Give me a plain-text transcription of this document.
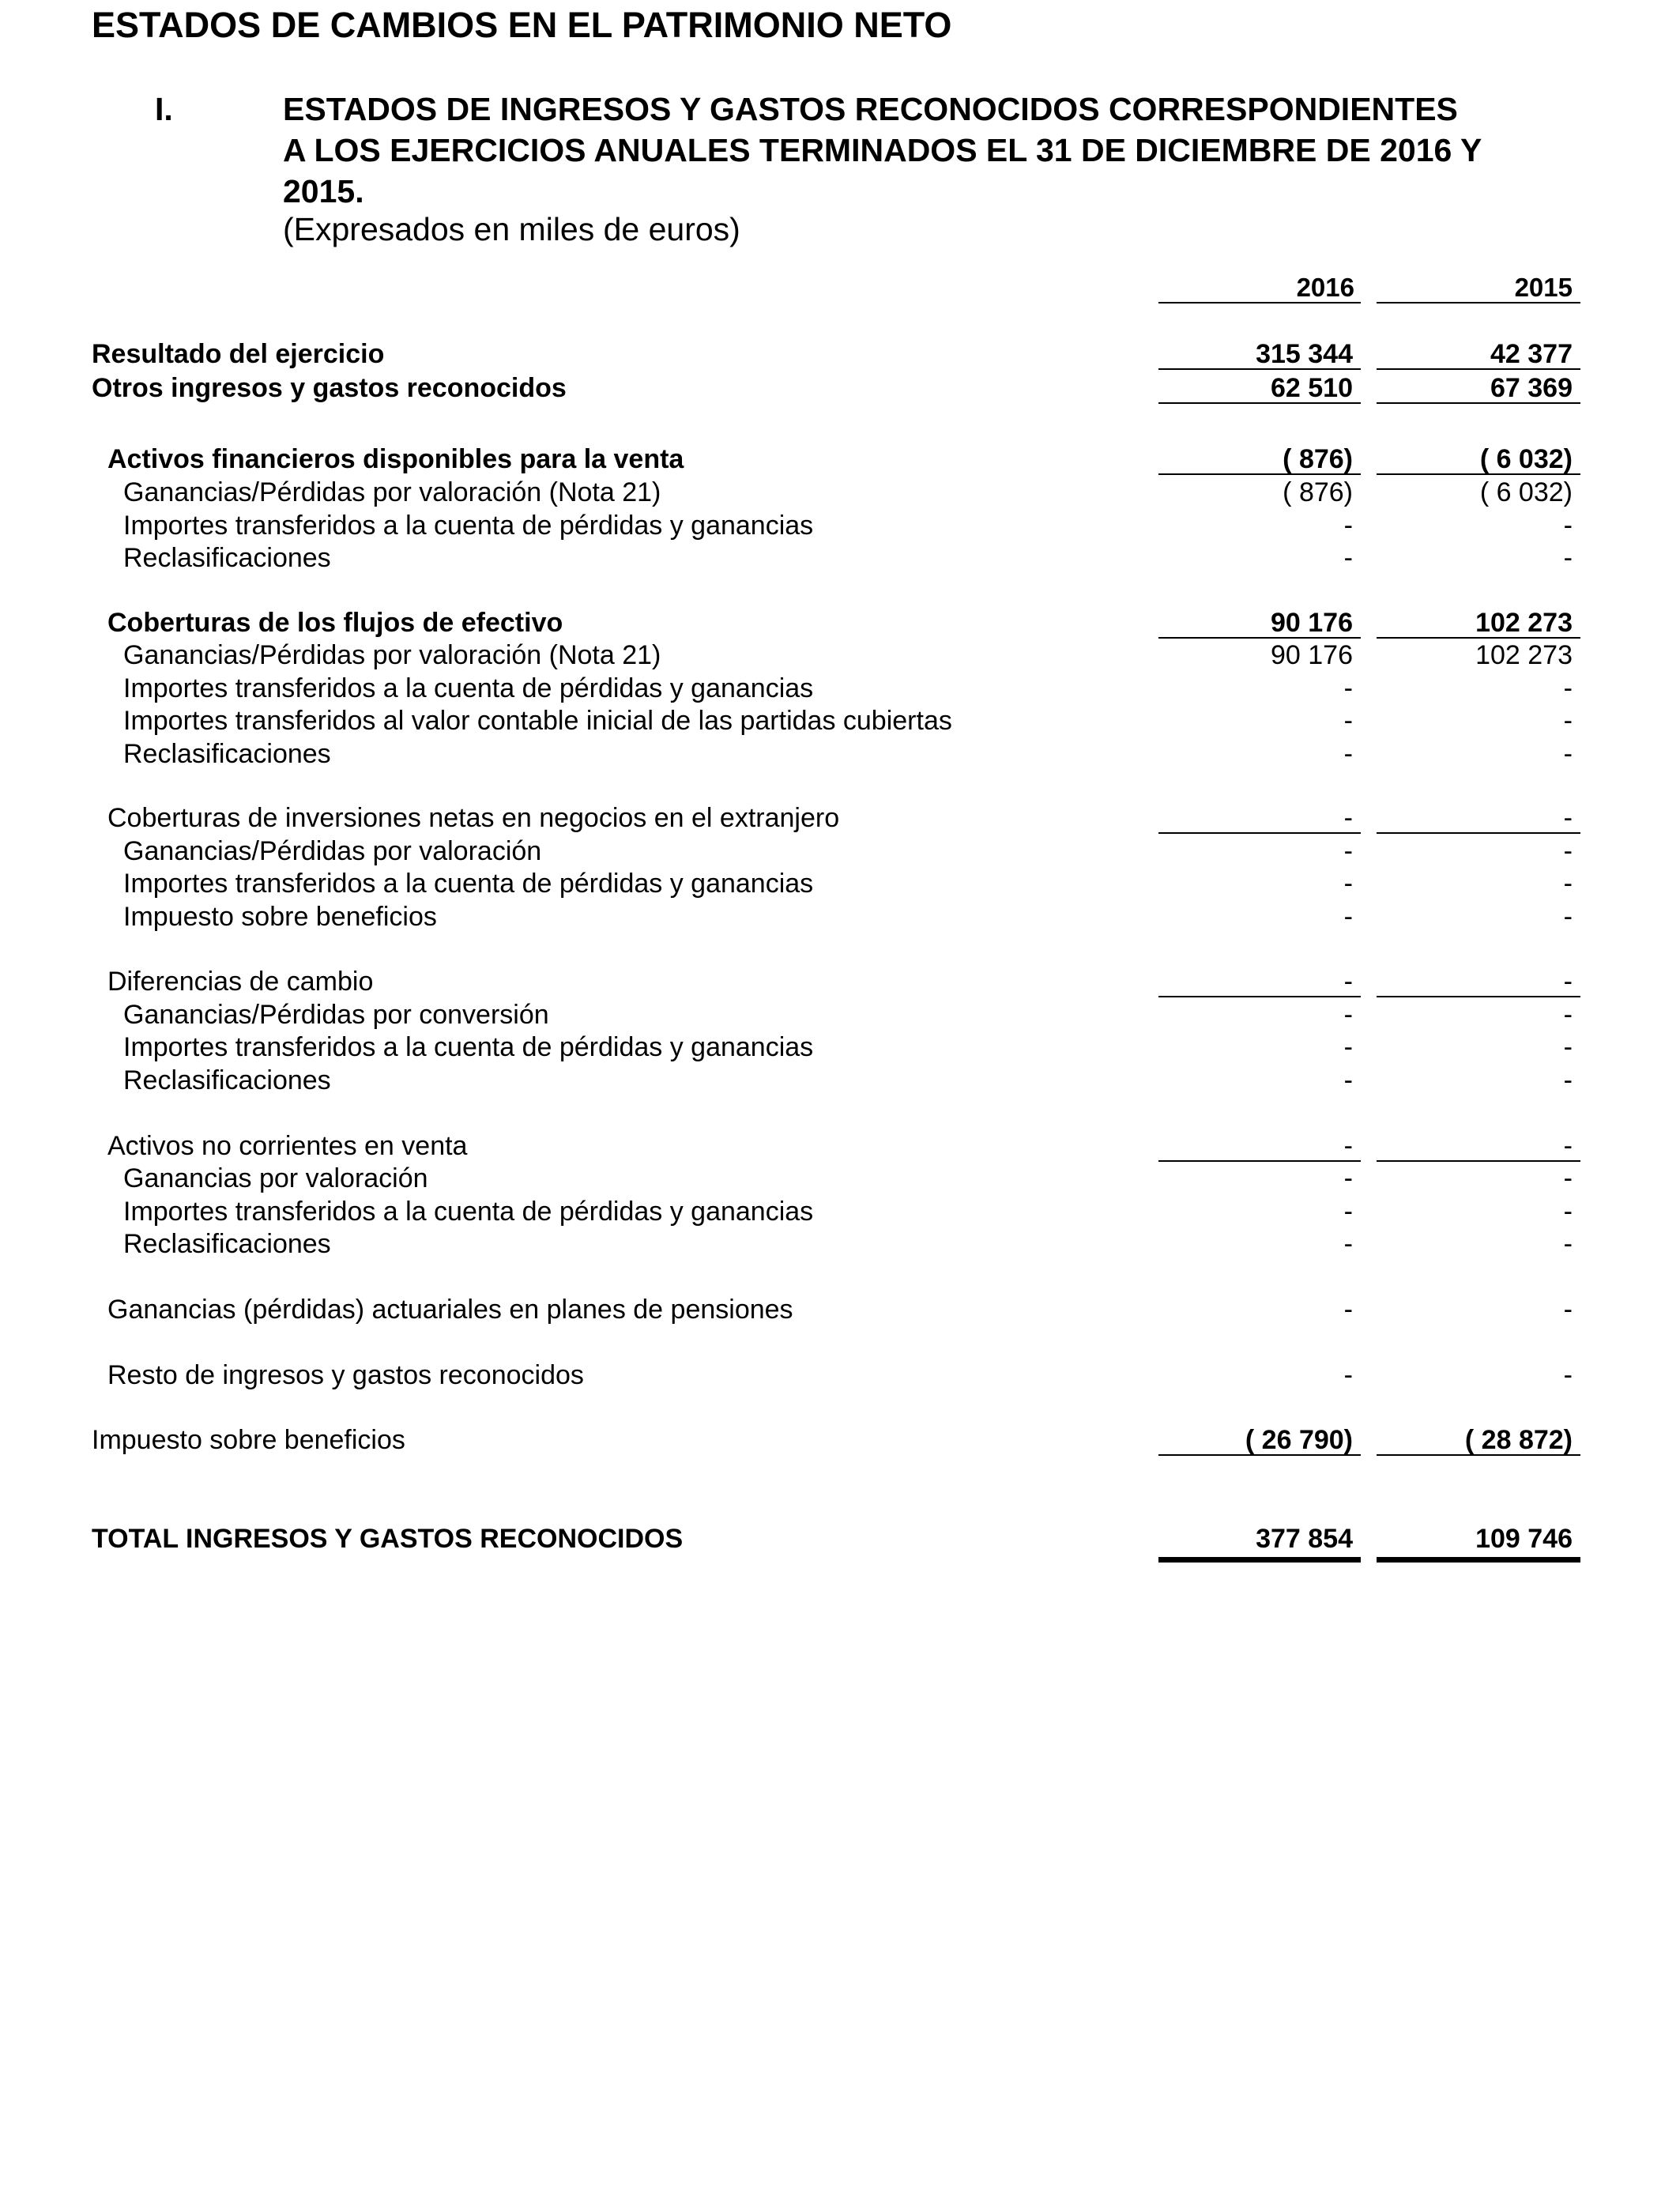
ESTADOS DE CAMBIOS EN EL PATRIMONIO NETO
I.	ESTADOS DE INGRESOS Y GASTOS RECONOCIDOS CORRESPONDIENTES
A LOS EJERCICIOS ANUALES TERMINADOS EL 31 DE DICIEMBRE DE 2016 Y
2015.
(Expresados en miles de euros)
2016	2015
Resultado del ejercicio	315 344	42 377
Otros ingresos y gastos reconocidos	62 510	67 369
Activos financieros disponibles para la venta	( 876)	( 6 032)
Ganancias/Pérdidas por valoración (Nota 21)	( 876)	( 6 032)
Importes transferidos a la cuenta de pérdidas y ganancias	-	-
Reclasificaciones	-	-
Coberturas de los flujos de efectivo	90 176	102 273
Ganancias/Pérdidas por valoración (Nota 21)	90 176	102 273
Importes transferidos a la cuenta de pérdidas y ganancias	-	-
Importes transferidos al valor contable inicial de las partidas cubiertas	-	-
Reclasificaciones	-	-
Coberturas de inversiones netas en negocios en el extranjero	-	-
Ganancias/Pérdidas por valoración	-	-
Importes transferidos a la cuenta de pérdidas y ganancias	-	-
Impuesto sobre beneficios	-	-
Diferencias de cambio	-	-
Ganancias/Pérdidas por conversión	-	-
Importes transferidos a la cuenta de pérdidas y ganancias	-	-
Reclasificaciones	-	-
Activos no corrientes en venta	-	-
Ganancias por valoración	-	-
Importes transferidos a la cuenta de pérdidas y ganancias	-	-
Reclasificaciones	-	-
Ganancias (pérdidas) actuariales en planes de pensiones	-	-
Resto de ingresos y gastos reconocidos	-	-
Impuesto sobre beneficios	( 26 790)	( 28 872)
TOTAL INGRESOS Y GASTOS RECONOCIDOS	377 854	109 746
